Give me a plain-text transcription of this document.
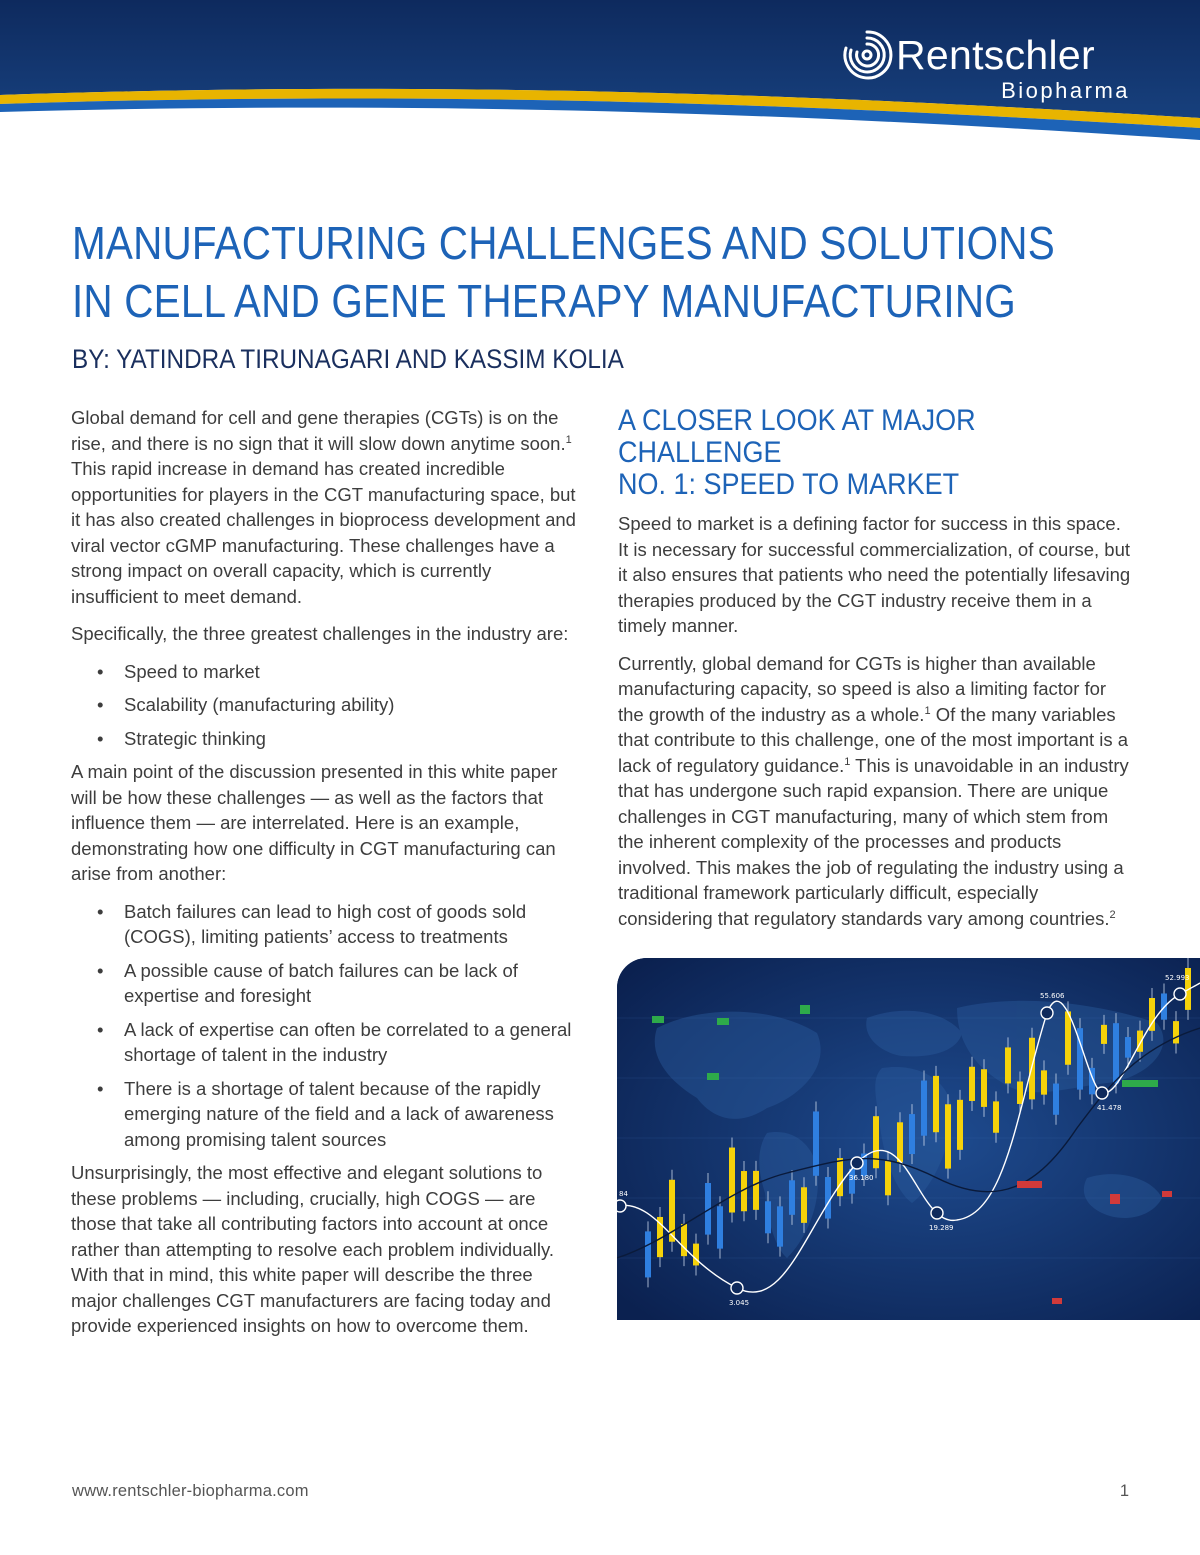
Rentschler
Biopharma
MANUFACTURING CHALLENGES AND SOLUTIONS
IN CELL AND GENE THERAPY MANUFACTURING
BY: YATINDRA TIRUNAGARI AND KASSIM KOLIA

Global demand for cell and gene therapies (CGTs) is on the rise, and there is no sign that it will slow down anytime soon.$^1$ This rapid increase in demand has created incredible opportunities for players in the CGT manufacturing space, but it has also created challenges in bioprocess development and viral vector cGMP manufacturing. These challenges have a strong impact on overall capacity, which is currently insufficient to meet demand.

Specifically, the three greatest challenges in the industry are:

• Speed to market
• Scalability (manufacturing ability)
• Strategic thinking

A main point of the discussion presented in this white paper will be how these challenges — as well as the factors that influence them — are interrelated. Here is an example, demonstrating how one difficulty in CGT manufacturing can arise from another:

• Batch failures can lead to high cost of goods sold (COGS), limiting patients’ access to treatments
• A possible cause of batch failures can be lack of expertise and foresight
• A lack of expertise can often be correlated to a general shortage of talent in the industry
• There is a shortage of talent because of the rapidly emerging nature of the field and a lack of awareness among promising talent sources

Unsurprisingly, the most effective and elegant solutions to these problems — including, crucially, high COGS — are those that take all contributing factors into account at once rather than attempting to resolve each problem individually. With that in mind, this white paper will describe the three major challenges CGT manufacturers are facing today and provide experienced insights on how to overcome them.

A CLOSER LOOK AT MAJOR CHALLENGE
NO. 1: SPEED TO MARKET

Speed to market is a defining factor for success in this space. It is necessary for successful commercialization, of course, but it also ensures that patients who need the potentially lifesaving therapies produced by the CGT industry receive them in a timely manner.

Currently, global demand for CGTs is higher than available manufacturing capacity, so speed is also a limiting factor for the growth of the industry as a whole.$^1$ Of the many variables that contribute to this challenge, one of the most important is a lack of regulatory guidance.$^1$ This is unavoidable in an industry that has undergone such rapid expansion. There are unique challenges in CGT manufacturing, many of which stem from the inherent complexity of the processes and products involved. This makes the job of regulating the industry using a traditional framework particularly difficult, especially considering that regulatory standards vary among countries.$^2$

55.606
52.993
41.478
36.180
19.289
3.045
84
www.rentschler-biopharma.com	1
